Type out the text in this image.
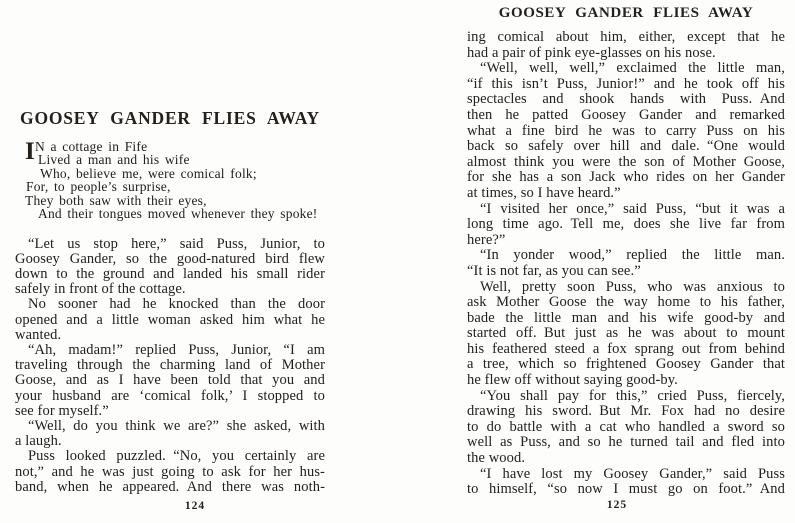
GOOSEY GANDER FLIES AWAY
I N a cottage in Fife
Lived a man and his wife
Who, believe me, were comical folk;
For, to people’s surprise,
They both saw with their eyes,
And their tongues moved whenever they spoke!
“Let us stop here,” said Puss, Junior, to
Goosey Gander, so the good-natured bird flew
down to the ground and landed his small rider
safely in front of the cottage.
No sooner had he knocked than the door
opened and a little woman asked him what he
wanted.
“Ah, madam!” replied Puss, Junior, “I am
traveling through the charming land of Mother
Goose, and as I have been told that you and
your husband are ‘comical folk,’ I stopped to
see for myself.”
“Well, do you think we are?” she asked, with
a laugh.
Puss looked puzzled. “No, you certainly are
not,” and he was just going to ask for her hus-
band, when he appeared. And there was noth-
124
GOOSEY GANDER FLIES AWAY
ing comical about him, either, except that he
had a pair of pink eye-glasses on his nose.
“Well, well, well,” exclaimed the little man,
“if this isn’t Puss, Junior!” and he took off his
spectacles and shook hands with Puss. And
then he patted Goosey Gander and remarked
what a fine bird he was to carry Puss on his
back so safely over hill and dale. “One would
almost think you were the son of Mother Goose,
for she has a son Jack who rides on her Gander
at times, so I have heard.”
“I visited her once,” said Puss, “but it was a
long time ago. Tell me, does she live far from
here?”
“In yonder wood,” replied the little man.
“It is not far, as you can see.”
Well, pretty soon Puss, who was anxious to
ask Mother Goose the way home to his father,
bade the little man and his wife good-by and
started off. But just as he was about to mount
his feathered steed a fox sprang out from behind
a tree, which so frightened Goosey Gander that
he flew off without saying good-by.
“You shall pay for this,” cried Puss, fiercely,
drawing his sword. But Mr. Fox had no desire
to do battle with a cat who handled a sword so
well as Puss, and so he turned tail and fled into
the wood.
“I have lost my Goosey Gander,” said Puss
to himself, “so now I must go on foot.” And
125
